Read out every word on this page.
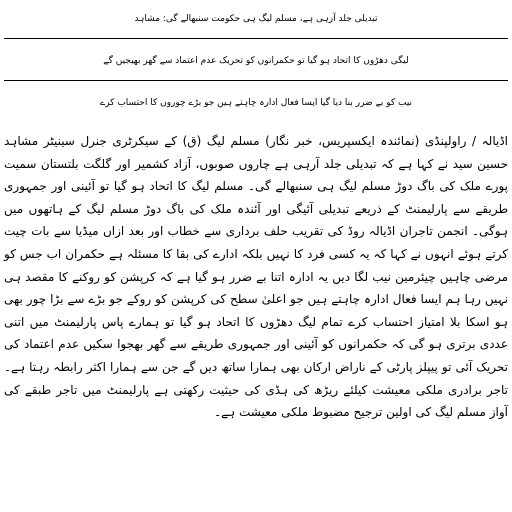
تبدیلی جلد آرہی ہے، مسلم لیگ ہی حکومت سنبھالے گی: مشاہد
لیگی دھڑوں کا اتحاد ہو گیا تو حکمرانوں کو تحریک عدم اعتماد سے گھر بھیجیں گے
نیب کو بے ضرر بنا دیا گیا ایسا فعال ادارہ چاہتے ہیں جو بڑے چوروں کا احتساب کرے

اڈیالہ / راولپنڈی (نمائندہ ایکسپریس، خبر نگار) مسلم لیگ (ق) کے سیکرٹری جنرل سینیٹر مشاہد حسین سید نے کہا ہے کہ تبدیلی جلد آرہی ہے چاروں صوبوں، آزاد کشمیر اور گلگت بلتستان سمیت پورے ملک کی باگ دوڑ مسلم لیگ ہی سنبھالے گی۔ مسلم لیگ کا اتحاد ہو گیا تو آئینی اور جمہوری طریقے سے پارلیمنٹ کے ذریعے تبدیلی آئیگی اور آئندہ ملک کی باگ دوڑ مسلم لیگ کے ہاتھوں میں ہوگی۔ انجمن تاجران اڈیالہ روڈ کی تقریب حلف برداری سے خطاب اور بعد ازاں میڈیا سے بات چیت کرتے ہوئے انہوں نے کہا کہ یہ کسی فرد کا نہیں بلکہ ادارے کی بقا کا مسئلہ ہے حکمران اب جس کو مرضی چاہیں چیئرمین نیب لگا دیں یہ ادارہ اتنا بے ضرر ہو گیا ہے کہ کرپشن کو روکنے کا مقصد ہی نہیں رہا ہم ایسا فعال ادارہ چاہتے ہیں جو اعلیٰ سطح کی کرپشن کو روکے جو بڑے سے بڑا چور بھی ہو اسکا بلا امتیاز احتساب کرے تمام لیگ دھڑوں کا اتحاد ہو گیا تو ہمارے پاس پارلیمنٹ میں اتنی عددی برتری ہو گی کہ حکمرانوں کو آئینی اور جمہوری طریقے سے گھر بھجوا سکیں عدم اعتماد کی تحریک آئی تو پیپلز پارٹی کے ناراض ارکان بھی ہمارا ساتھ دیں گے جن سے ہمارا اکثر رابطہ رہتا ہے۔ تاجر برادری ملکی معیشت کیلئے ریڑھ کی ہڈی کی حیثیت رکھتی ہے پارلیمنٹ میں تاجر طبقے کی آواز مسلم لیگ کی اولین ترجیح مضبوط ملکی معیشت ہے۔
